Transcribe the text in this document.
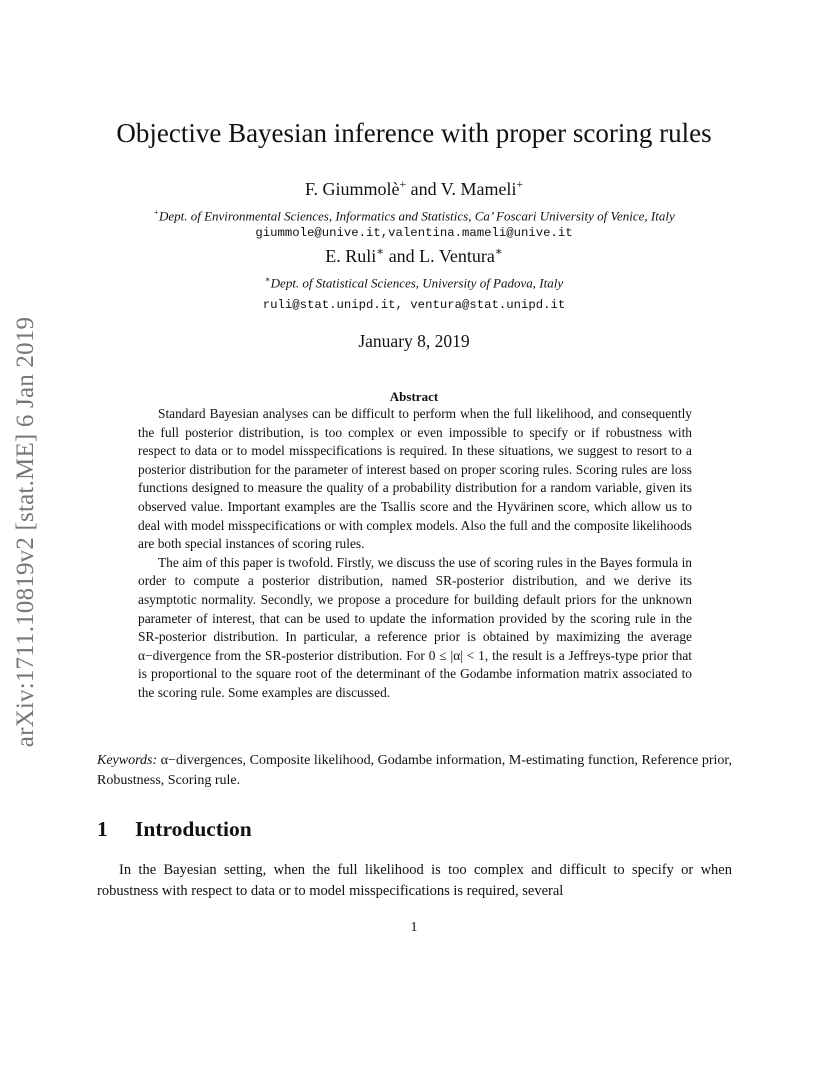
arXiv:1711.10819v2 [stat.ME] 6 Jan 2019
Objective Bayesian inference with proper scoring rules
F. Giummolè+ and V. Mameli+
+Dept. of Environmental Sciences, Informatics and Statistics, Ca’ Foscari University of Venice, Italy
giummole@unive.it,valentina.mameli@unive.it
E. Ruli∗ and L. Ventura∗
∗Dept. of Statistical Sciences, University of Padova, Italy
ruli@stat.unipd.it, ventura@stat.unipd.it
January 8, 2019
Abstract

Standard Bayesian analyses can be difficult to perform when the full likelihood, and consequently the full posterior distribution, is too complex or even impossible to specify or if robustness with respect to data or to model misspecifications is required. In these situations, we suggest to resort to a posterior distribution for the parameter of interest based on proper scoring rules. Scoring rules are loss functions designed to measure the quality of a probability distribution for a random variable, given its observed value. Important examples are the Tsallis score and the Hyvärinen score, which allow us to deal with model misspecifications or with complex models. Also the full and the composite likelihoods are both special instances of scoring rules.

The aim of this paper is twofold. Firstly, we discuss the use of scoring rules in the Bayes formula in order to compute a posterior distribution, named SR-posterior distribution, and we derive its asymptotic normality. Secondly, we propose a procedure for building default priors for the unknown parameter of interest, that can be used to update the information provided by the scoring rule in the SR-posterior distribution. In particular, a reference prior is obtained by maximizing the average α−divergence from the SR-posterior distribution. For 0 ≤ |α| < 1, the result is a Jeffreys-type prior that is proportional to the square root of the determinant of the Godambe information matrix associated to the scoring rule. Some examples are discussed.

Keywords: α−divergences, Composite likelihood, Godambe information, M-estimating function, Reference prior, Robustness, Scoring rule.
1 Introduction

In the Bayesian setting, when the full likelihood is too complex and difficult to specify or when robustness with respect to data or to model misspecifications is required, several

1
